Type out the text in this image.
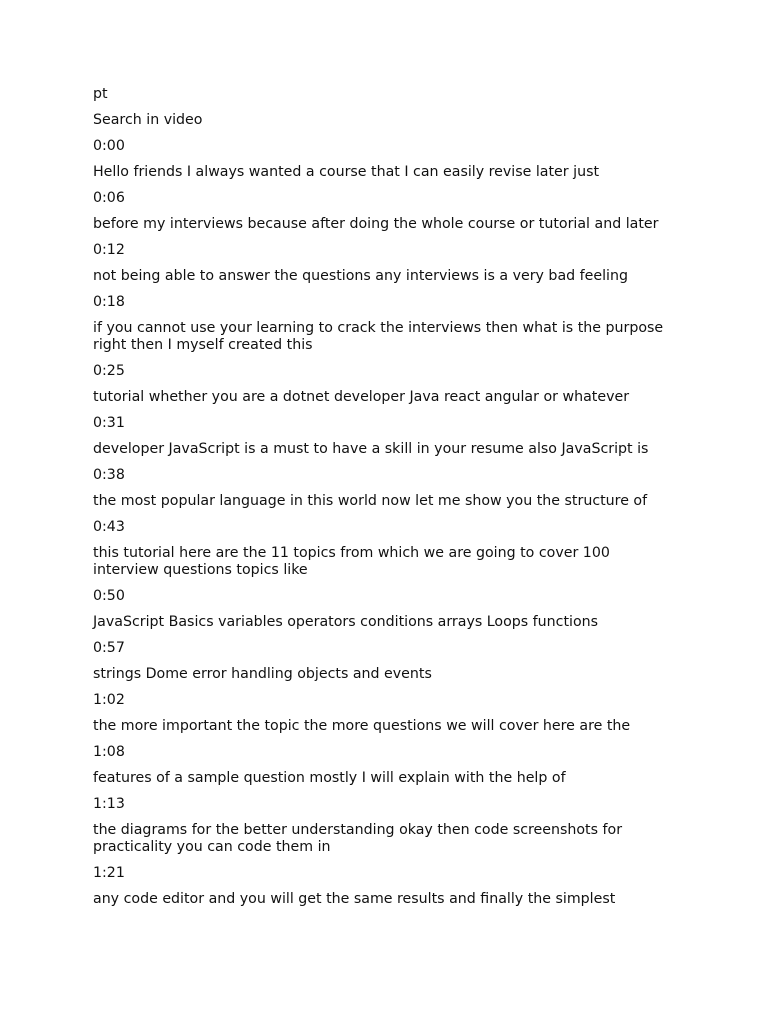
pt
Search in video
0:00
Hello friends I always wanted a course that I can easily revise later just
0:06
before my interviews because after doing the whole course or tutorial and later
0:12
not being able to answer the questions any interviews is a very bad feeling
0:18
if you cannot use your learning to crack the interviews then what is the purpose right then I myself created this
0:25
tutorial whether you are a dotnet developer Java react angular or whatever
0:31
developer JavaScript is a must to have a skill in your resume also JavaScript is
0:38
the most popular language in this world now let me show you the structure of
0:43
this tutorial here are the 11 topics from which we are going to cover 100 interview questions topics like
0:50
JavaScript Basics variables operators conditions arrays Loops functions
0:57
strings Dome error handling objects and events
1:02
the more important the topic the more questions we will cover here are the
1:08
features of a sample question mostly I will explain with the help of
1:13
the diagrams for the better understanding okay then code screenshots for practicality you can code them in
1:21
any code editor and you will get the same results and finally the simplest
